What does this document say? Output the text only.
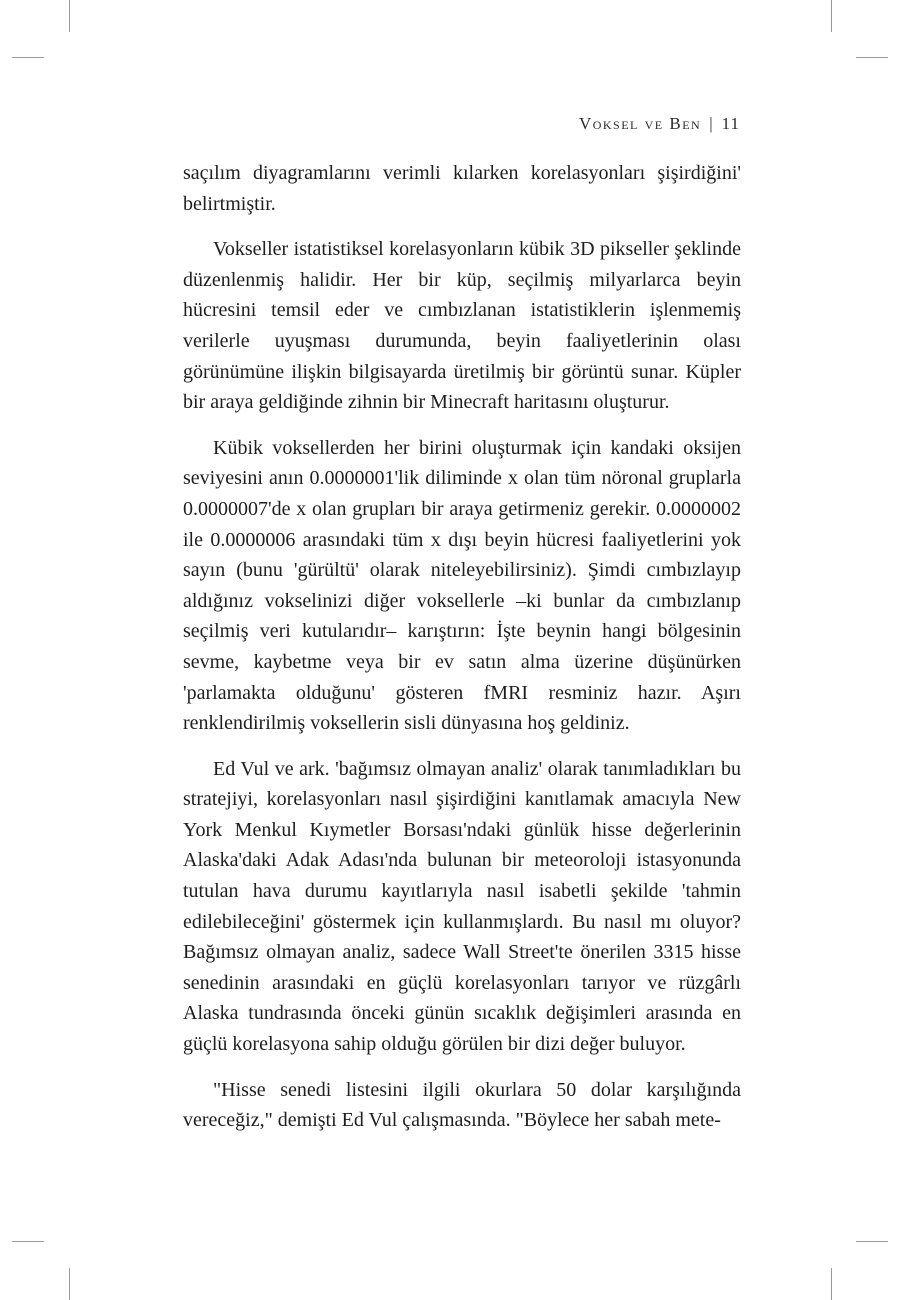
Voksel ve Ben | 11

saçılım diyagramlarını verimli kılarken korelasyonları şişirdiğini' belirtmiştir.

Vokseller istatistiksel korelasyonların kübik 3D pikseller şeklinde düzenlenmiş halidir. Her bir küp, seçilmiş milyarlarca beyin hücresini temsil eder ve cımbızlanan istatistiklerin işlenmemiş verilerle uyuşması durumunda, beyin faaliyetlerinin olası görünümüne ilişkin bilgisayarda üretilmiş bir görüntü sunar. Küpler bir araya geldiğinde zihnin bir Minecraft haritasını oluşturur.

Kübik voksellerden her birini oluşturmak için kandaki oksijen seviyesini anın 0.0000001'lik diliminde x olan tüm nöronal gruplarla 0.0000007'de x olan grupları bir araya getirmeniz gerekir. 0.0000002 ile 0.0000006 arasındaki tüm x dışı beyin hücresi faaliyetlerini yok sayın (bunu 'gürültü' olarak niteleyebilirsiniz). Şimdi cımbızlayıp aldığınız vokselinizi diğer voksellerle –ki bunlar da cımbızlanıp seçilmiş veri kutularıdır– karıştırın: İşte beynin hangi bölgesinin sevme, kaybetme veya bir ev satın alma üzerine düşünürken 'parlamakta olduğunu' gösteren fMRI resminiz hazır. Aşırı renklendirilmiş voksellerin sisli dünyasına hoş geldiniz.

Ed Vul ve ark. 'bağımsız olmayan analiz' olarak tanımladıkları bu stratejiyi, korelasyonları nasıl şişirdiğini kanıtlamak amacıyla New York Menkul Kıymetler Borsası'ndaki günlük hisse değerlerinin Alaska'daki Adak Adası'nda bulunan bir meteoroloji istasyonunda tutulan hava durumu kayıtlarıyla nasıl isabetli şekilde 'tahmin edilebileceğini' göstermek için kullanmışlardı. Bu nasıl mı oluyor? Bağımsız olmayan analiz, sadece Wall Street'te önerilen 3315 hisse senedinin arasındaki en güçlü korelasyonları tarıyor ve rüzgârlı Alaska tundrasında önceki günün sıcaklık değişimleri arasında en güçlü korelasyona sahip olduğu görülen bir dizi değer buluyor.

"Hisse senedi listesini ilgili okurlara 50 dolar karşılığında vereceğiz," demişti Ed Vul çalışmasında. "Böylece her sabah mete-
